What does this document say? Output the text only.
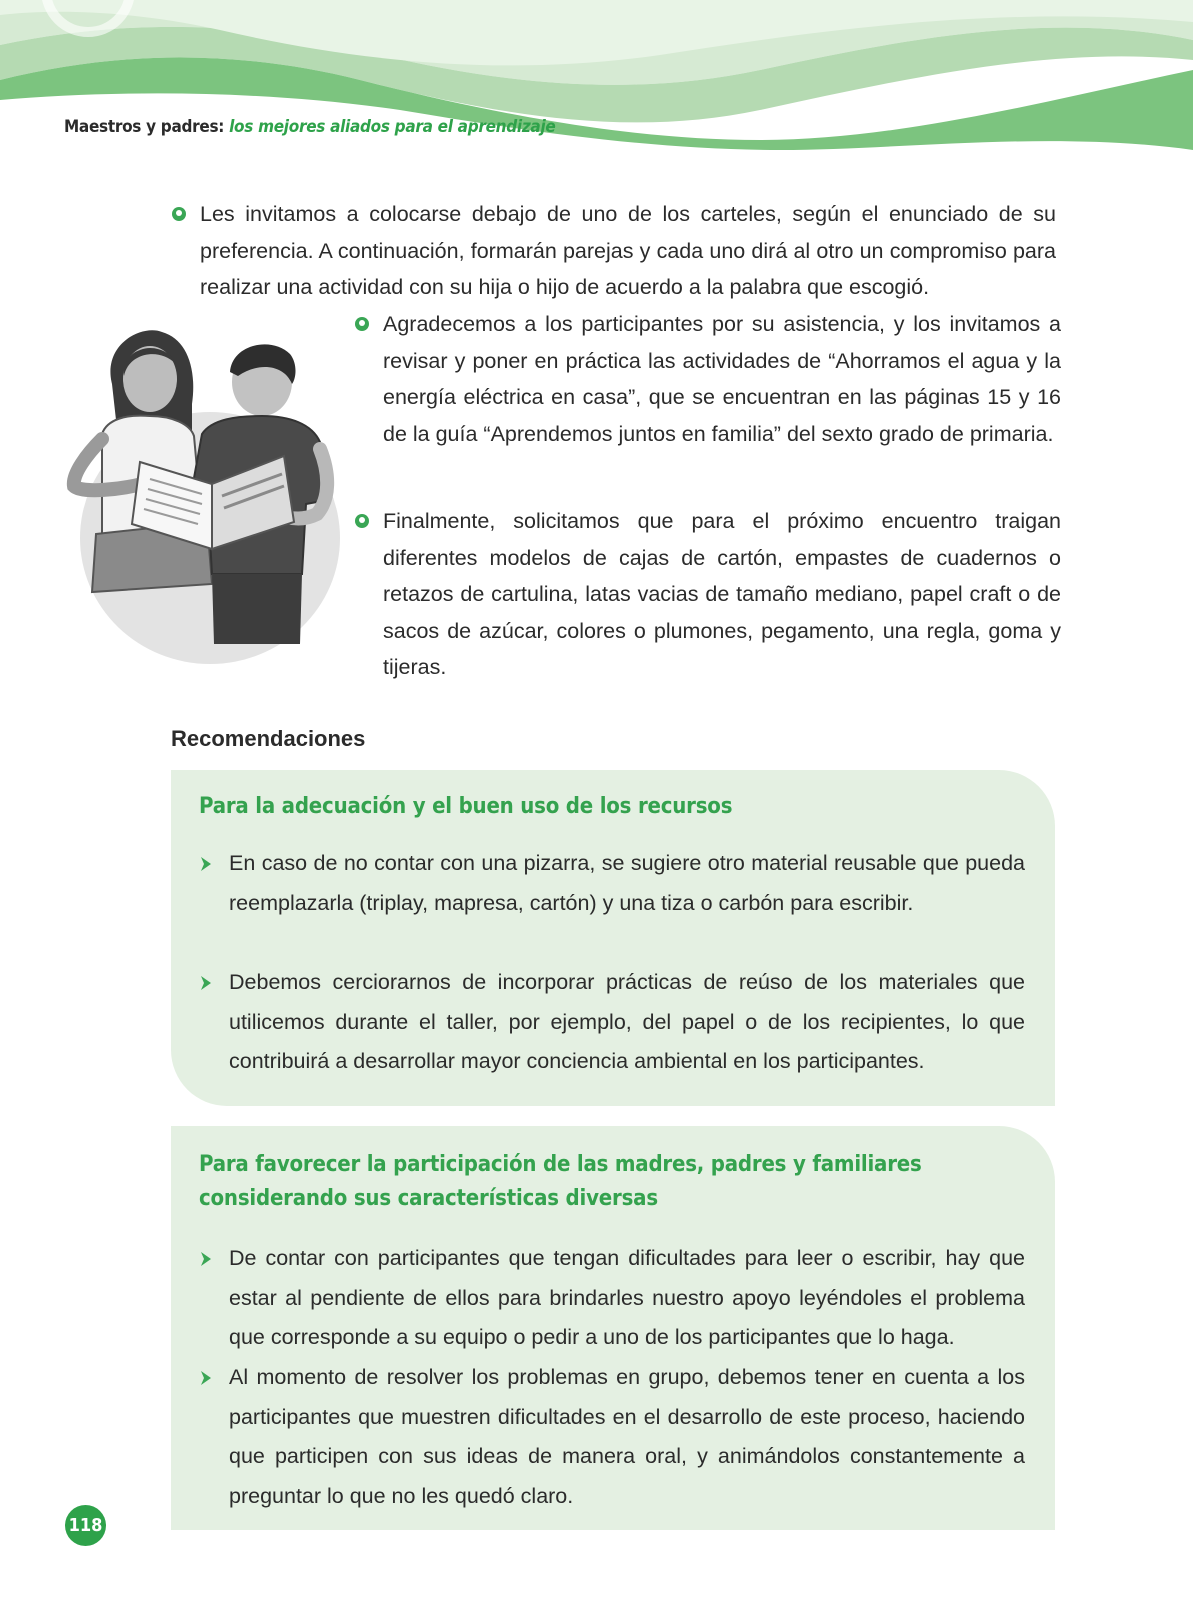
Maestros y padres: los mejores aliados para el aprendizaje
Les invitamos a colocarse debajo de uno de los carteles, según el enunciado de su preferencia. A continuación, formarán parejas y cada uno dirá al otro un compromiso para realizar una actividad con su hija o hijo de acuerdo a la palabra que escogió.
Agradecemos a los participantes por su asistencia, y los invitamos a revisar y poner en práctica las actividades de “Ahorramos el agua y la energía eléctrica en casa”, que se encuentran en las páginas 15 y 16 de la guía “Aprendemos juntos en familia” del sexto grado de primaria.
Finalmente, solicitamos que para el próximo encuentro traigan diferentes modelos de cajas de cartón, empastes de cuadernos o retazos de cartulina, latas vacias de tamaño mediano, papel craft o de sacos de azúcar, colores o plumones, pegamento, una regla, goma y tijeras.
Recomendaciones
Para la adecuación y el buen uso de los recursos
En caso de no contar con una pizarra, se sugiere otro material reusable que pueda reemplazarla (triplay, mapresa, cartón) y una tiza o carbón para escribir.
Debemos cerciorarnos de incorporar prácticas de reúso de los materiales que utilicemos durante el taller, por ejemplo, del papel o de los recipientes, lo que contribuirá a desarrollar mayor conciencia ambiental en los participantes.
Para favorecer la participación de las madres, padres y familiares considerando sus características diversas
De contar con participantes que tengan dificultades para leer o escribir, hay que estar al pendiente de ellos para brindarles nuestro apoyo leyéndoles el problema que corresponde a su equipo o pedir a uno de los participantes que lo haga.
Al momento de resolver los problemas en grupo, debemos tener en cuenta a los participantes que muestren dificultades en el desarrollo de este proceso, haciendo que participen con sus ideas de manera oral, y animándolos constantemente a preguntar lo que no les quedó claro.
118
